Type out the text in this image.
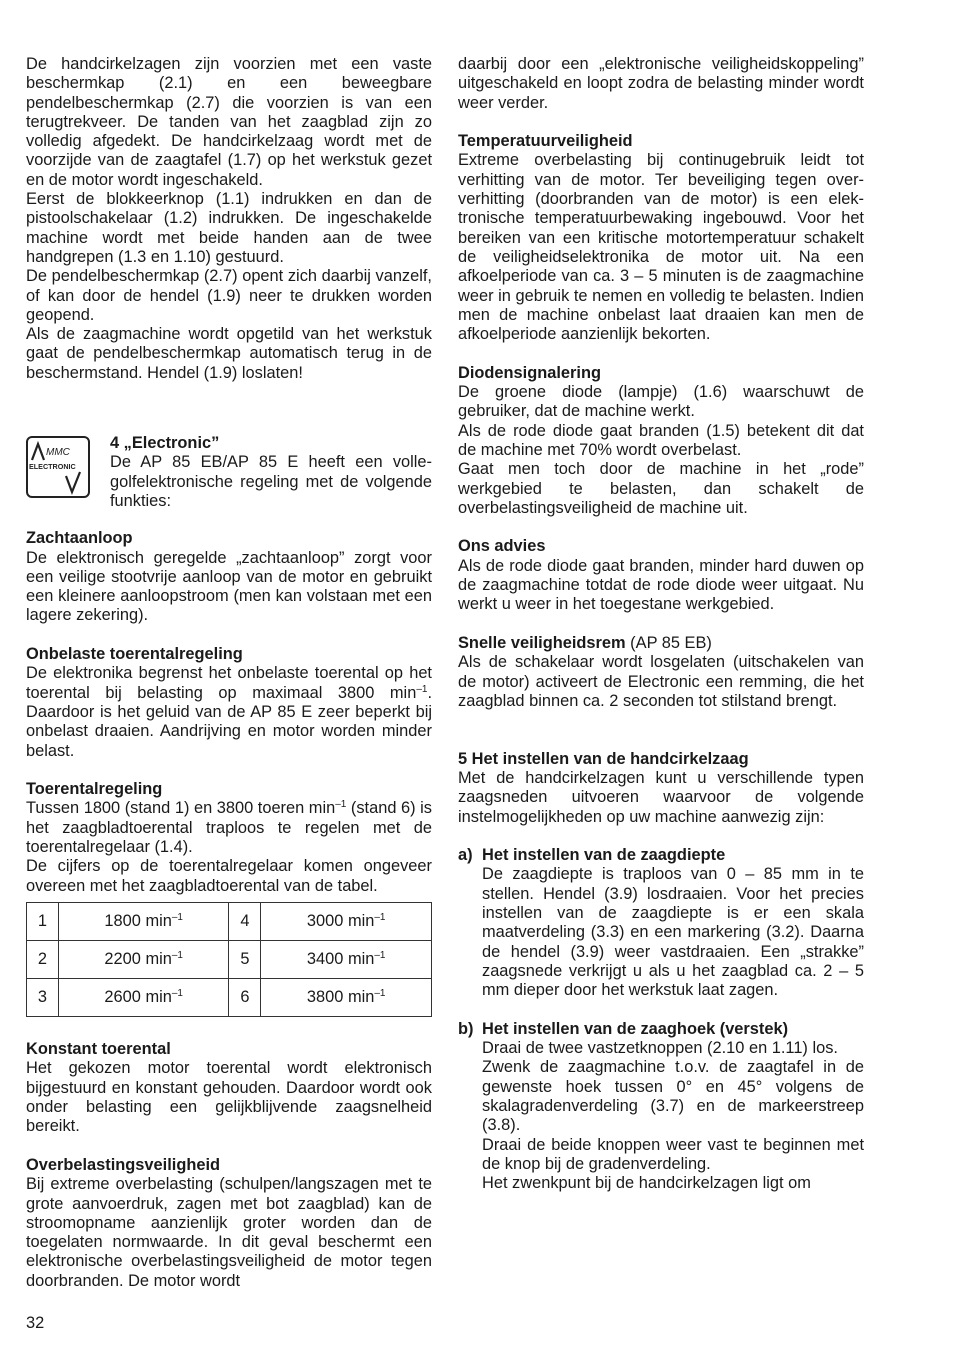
De handcirkelzagen zijn voorzien met een vaste beschermkap (2.1) en een beweegbare pendelbeschermkap (2.7) die voorzien is van een terugtrekveer. De tanden van het zaagblad zijn zo volledig afgedekt. De handcirkelzaag wordt met de voorzijde van de zaagtafel (1.7) op het werkstuk gezet en de motor wordt ingeschakeld.

Eerst de blokkeerknop (1.1) indrukken en dan de pistoolschakelaar (1.2) indrukken. De ingeschakelde machine wordt met beide handen aan de twee handgrepen (1.3 en 1.10) gestuurd.

De pendelbeschermkap (2.7) opent zich daarbij vanzelf, of kan door de hendel (1.9) neer te drukken worden geopend.

Als de zaagmachine wordt opgetild van het werkstuk gaat de pendelbeschermkap automatisch terug in de beschermstand. Hendel (1.9) loslaten!

MMC
ELECTRONIC
4 „Electronic”

De AP 85 EB/AP 85 E heeft een volle-golfelektronische regeling met de volgende funkties:

Zachtaanloop

De elektronisch geregelde „zachtaanloop” zorgt voor een veilige stootvrije aanloop van de motor en gebruikt een kleinere aanloopstroom (men kan volstaan met een lagere zekering).

Onbelaste toerentalregeling

De elektronika begrenst het onbelaste toerental op het toerental bij belasting op maximaal 3800 $\min^{-1}$. Daardoor is het geluid van de AP 85 E zeer beperkt bij onbelast draaien. Aandrijving en motor worden minder belast.

Toerentalregeling

Tussen 1800 (stand 1) en 3800 toeren $\min^{-1} (stand$ 6) is het zaagbladtoerental traploos te regelen met de toerentalregelaar (1.4).

De cijfers op de toerentalregelaar komen ongeveer overeen met het zaagbladtoerental van de tabel.

1	1800 $\min^{-1}$	4	3000 $\min^{-1}$
2	2200 $\min^{-1}$	5	3400 $\min^{-1}$
3	2600 $\min^{-1}$	6	3800 $\min^{-1}$
Konstant toerental

Het gekozen motor toerental wordt elektronisch bijgestuurd en konstant gehouden. Daardoor wordt ook onder belasting een gelijkblijvende zaagsnelheid bereikt.

Overbelastingsveiligheid

Bij extreme overbelasting (schulpen/langszagen met te grote aanvoerdruk, zagen met bot zaagblad) kan de stroomopname aanzienlijk groter worden dan de toegelaten normwaarde. In dit geval beschermt een elektronische overbelastingsveiligheid de motor tegen doorbranden. De motor wordt

daarbij door een „elektronische veiligheidskoppeling” uitgeschakeld en loopt zodra de belasting minder wordt weer verder.

Temperatuurveiligheid

Extreme overbelasting bij continugebruik leidt tot verhitting van de motor. Ter beveiliging tegen over- verhitting (doorbranden van de motor) is een elek- tronische temperatuurbewaking ingebouwd. Voor het bereiken van een kritische motortemperatuur schakelt de veiligheidselektronika de motor uit. Na een afkoelperiode van ca. 3 – 5 minuten is de zaagmachine weer in gebruik te nemen en volledig te belasten. Indien men de machine onbelast laat draaien kan men de afkoelperiode aanzienlijk bekorten.

Diodensignalering

De groene diode (lampje) (1.6) waarschuwt de gebruiker, dat de machine werkt.

Als de rode diode gaat branden (1.5) betekent dit dat de machine met 70% wordt overbelast.

Gaat men toch door de machine in het „rode” werkgebied te belasten, dan schakelt de overbelastingsveiligheid de machine uit.

Ons advies

Als de rode diode gaat branden, minder hard duwen op de zaagmachine totdat de rode diode weer uitgaat. Nu werkt u weer in het toegestane werkgebied.

Snelle veiligheidsrem (AP 85 EB)

Als de schakelaar wordt losgelaten (uitschakelen van de motor) activeert de Electronic een remming, die het zaagblad binnen ca. 2 seconden tot stilstand brengt.

5 Het instellen van de handcirkelzaag

Met de handcirkelzagen kunt u verschillende typen zaagsneden uitvoeren waarvoor de volgende instelmogelijkheden op uw machine aanwezig zijn:

a) Het instellen van de zaagdiepte

De zaagdiepte is traploos van 0 – 85 mm in te stellen. Hendel (3.9) losdraaien. Voor het precies instellen van de zaagdiepte is er een skala maatverdeling (3.3) en een markering (3.2). Daarna de hendel (3.9) weer vastdraaien. Een „strakke” zaagsnede verkrijgt u als u het zaagblad ca. 2 – 5 mm dieper door het werkstuk laat zagen.

b) Het instellen van de zaaghoek (verstek)

Draai de twee vastzetknoppen (2.10 en 1.11) los.

Zwenk de zaagmachine t.o.v. de zaagtafel in de gewenste hoek tussen 0° en 45° volgens de skalagradenverdeling (3.7) en de markeerstreep (3.8).

Draai de beide knoppen weer vast te beginnen met de knop bij de gradenverdeling.

Het zwenkpunt bij de handcirkelzagen ligt om

32
